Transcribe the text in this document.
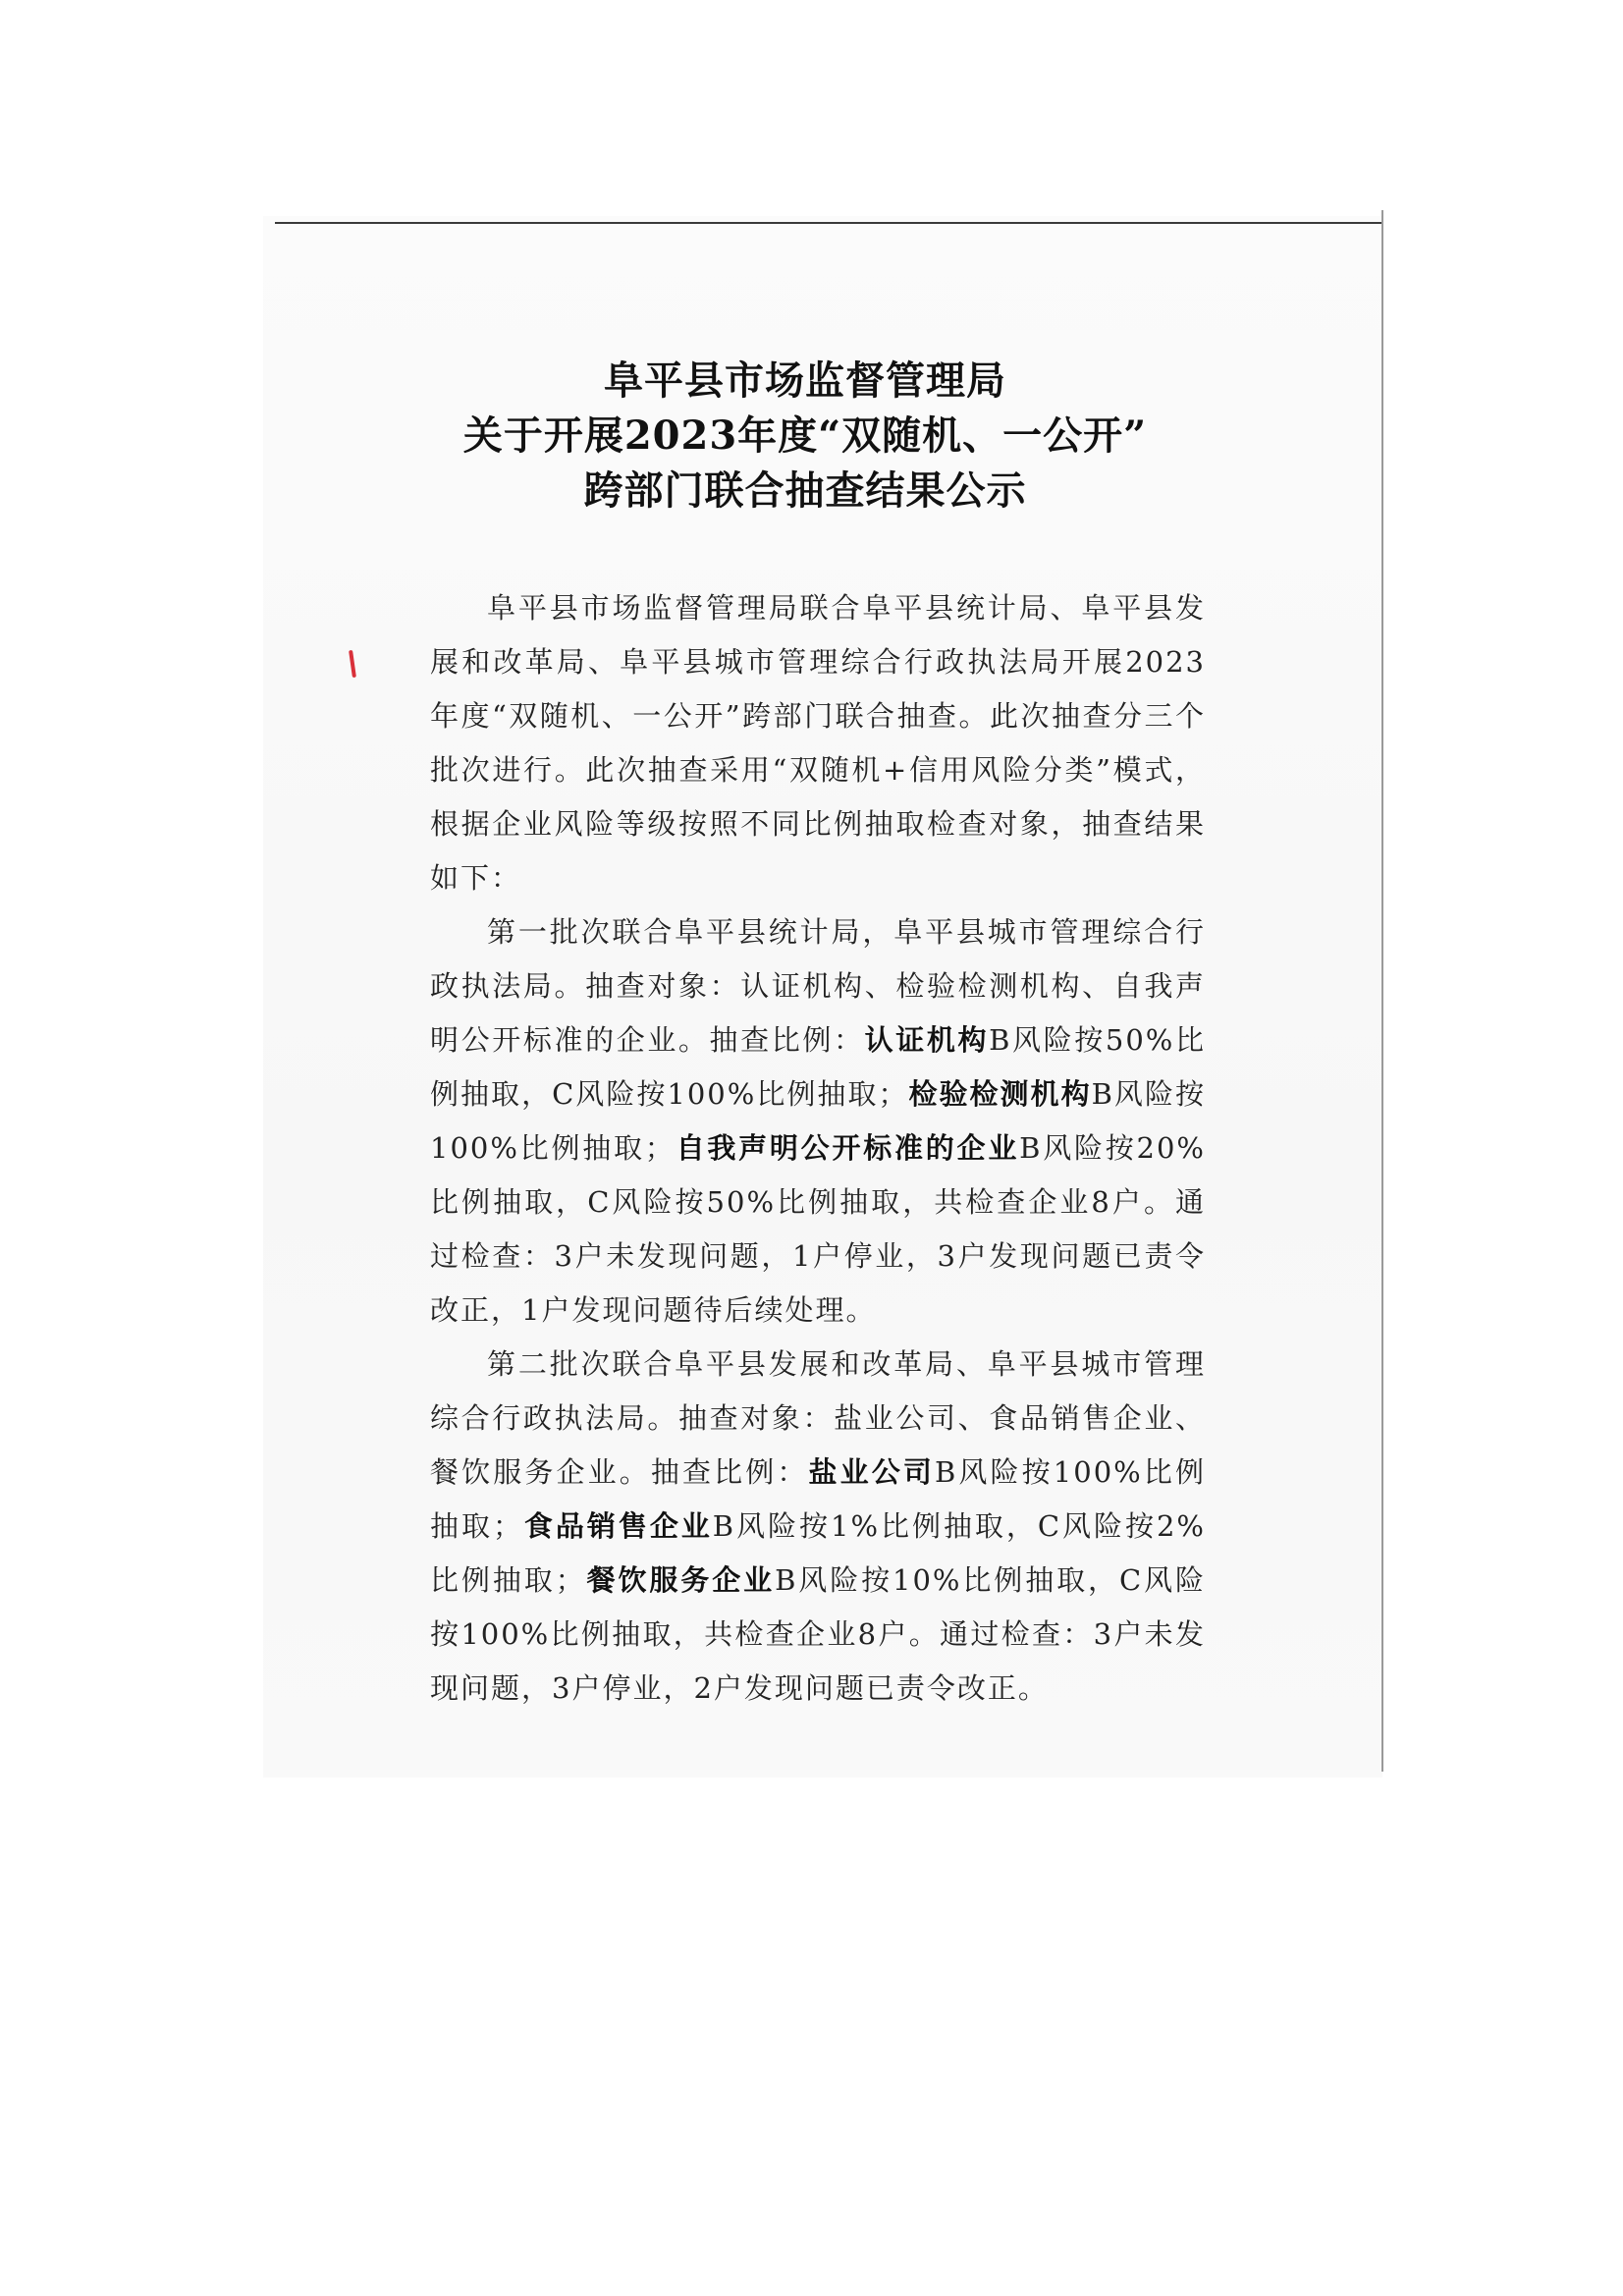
阜平县市场监督管理局
关于开展2023年度“双随机、一公开”
跨部门联合抽查结果公示

阜平县市场监督管理局联合阜平县统计局、阜平县发展和改革局、阜平县城市管理综合行政执法局开展2023年度“双随机、一公开”跨部门联合抽查。此次抽查分三个批次进行。此次抽查采用“双随机+信用风险分类”模式，根据企业风险等级按照不同比例抽取检查对象，抽查结果如下：

第一批次联合阜平县统计局，阜平县城市管理综合行政执法局。抽查对象：认证机构、检验检测机构、自我声明公开标准的企业。抽查比例：认证机构B风险按50%比例抽取，C风险按100%比例抽取；检验检测机构B风险按100%比例抽取；自我声明公开标准的企业B风险按20%比例抽取，C风险按50%比例抽取，共检查企业8户。通过检查：3户未发现问题，1户停业，3户发现问题已责令改正，1户发现问题待后续处理。

第二批次联合阜平县发展和改革局、阜平县城市管理综合行政执法局。抽查对象：盐业公司、食品销售企业、餐饮服务企业。抽查比例：盐业公司B风险按100%比例抽取；食品销售企业B风险按1%比例抽取，C风险按2%比例抽取；餐饮服务企业B风险按10%比例抽取，C风险按100%比例抽取，共检查企业8户。通过检查：3户未发现问题，3户停业，2户发现问题已责令改正。
